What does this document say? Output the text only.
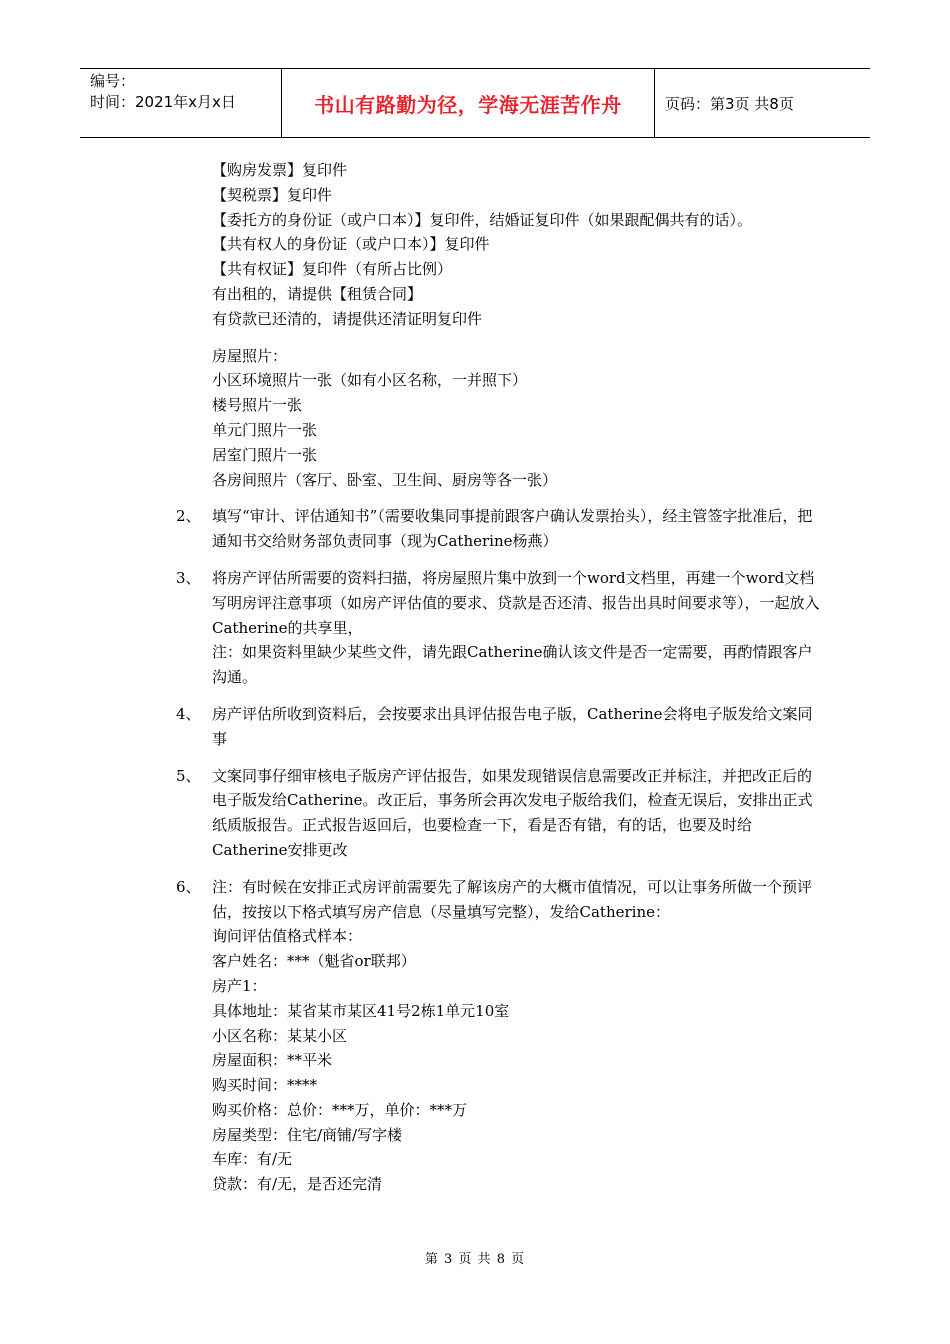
编号：
时间：2021年x月x日	书山有路勤为径，学海无涯苦作舟	页码：第3页 共8页
【购房发票】复印件
【契税票】复印件
【委托方的身份证（或户口本）】复印件，结婚证复印件（如果跟配偶共有的话）。
【共有权人的身份证（或户口本）】复印件
【共有权证】复印件（有所占比例）
有出租的，请提供【租赁合同】
有贷款已还清的，请提供还清证明复印件
房屋照片：
小区环境照片一张（如有小区名称，一并照下）
楼号照片一张
单元门照片一张
居室门照片一张
各房间照片（客厅、卧室、卫生间、厨房等各一张）
2、 填写“审计、评估通知书”（需要收集同事提前跟客户确认发票抬头），经主管签字批准后，把通知书交给财务部负责同事（现为Catherine杨燕）
3、 将房产评估所需要的资料扫描，将房屋照片集中放到一个word文档里，再建一个word文档写明房评注意事项（如房产评估值的要求、贷款是否还清、报告出具时间要求等），一起放入Catherine的共享里，
注：如果资料里缺少某些文件，请先跟Catherine确认该文件是否一定需要，再酌情跟客户沟通。
4、 房产评估所收到资料后，会按要求出具评估报告电子版，Catherine会将电子版发给文案同事
5、 文案同事仔细审核电子版房产评估报告，如果发现错误信息需要改正并标注，并把改正后的电子版发给Catherine。改正后，事务所会再次发电子版给我们，检查无误后，安排出正式纸质版报告。正式报告返回后，也要检查一下，看是否有错，有的话，也要及时给Catherine安排更改
6、 注：有时候在安排正式房评前需要先了解该房产的大概市值情况，可以让事务所做一个预评估，按按以下格式填写房产信息（尽量填写完整），发给Catherine：
询问评估值格式样本：
客户姓名：***（魁省or联邦）
房产1：
具体地址：某省某市某区41号2栋1单元10室
小区名称：某某小区
房屋面积：**平米
购买时间：****
购买价格：总价：***万，单价：***万
房屋类型：住宅/商铺/写字楼
车库：有/无
贷款：有/无，是否还完清
第 3 页 共 8 页
